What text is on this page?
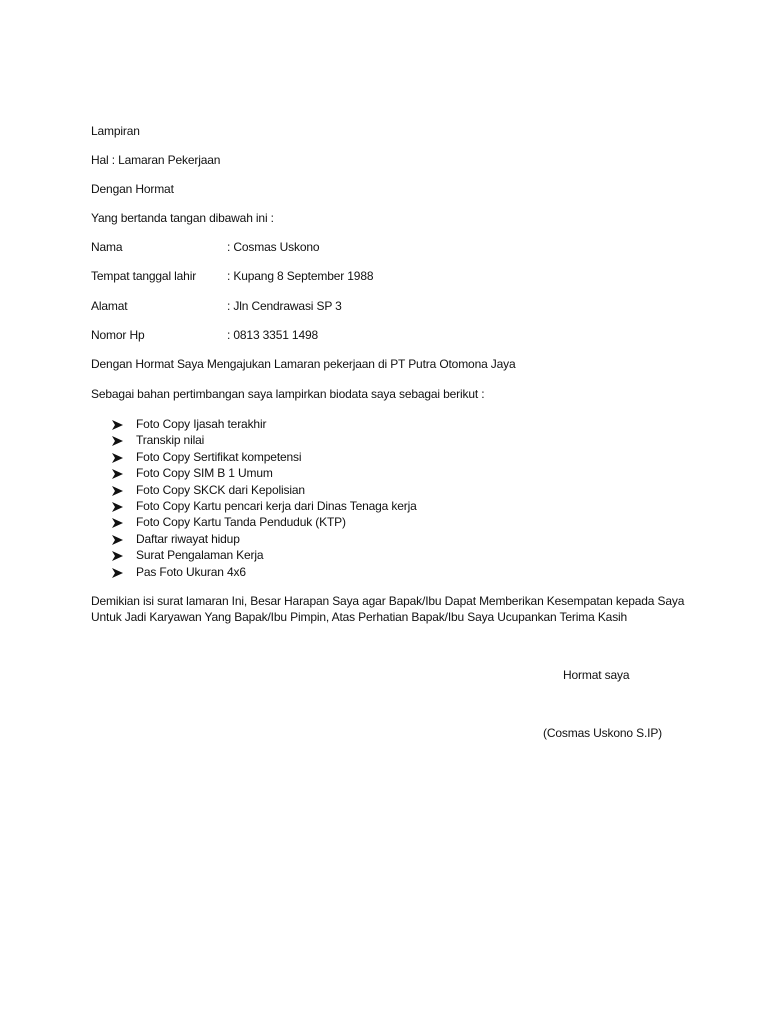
Lampiran
Hal : Lamaran Pekerjaan
Dengan Hormat
Yang bertanda tangan dibawah ini :
Nama	: Cosmas Uskono
Tempat tanggal lahir	: Kupang 8 September 1988
Alamat	: Jln Cendrawasi SP 3
Nomor Hp	: 0813 3351 1498
Dengan Hormat Saya Mengajukan Lamaran pekerjaan di PT Putra Otomona Jaya
Sebagai bahan pertimbangan saya lampirkan biodata saya sebagai berikut :
Foto Copy Ijasah terakhir
Transkip nilai
Foto Copy Sertifikat kompetensi
Foto Copy SIM B 1 Umum
Foto Copy SKCK dari Kepolisian
Foto Copy Kartu pencari kerja dari Dinas Tenaga kerja
Foto Copy Kartu Tanda Penduduk (KTP)
Daftar riwayat hidup
Surat Pengalaman Kerja
Pas Foto Ukuran 4x6
Demikian isi surat lamaran Ini, Besar Harapan Saya agar Bapak/Ibu Dapat Memberikan Kesempatan kepada Saya
Untuk Jadi Karyawan Yang Bapak/Ibu Pimpin, Atas Perhatian Bapak/Ibu Saya Ucupankan Terima Kasih
Hormat saya
(Cosmas Uskono S.IP)
